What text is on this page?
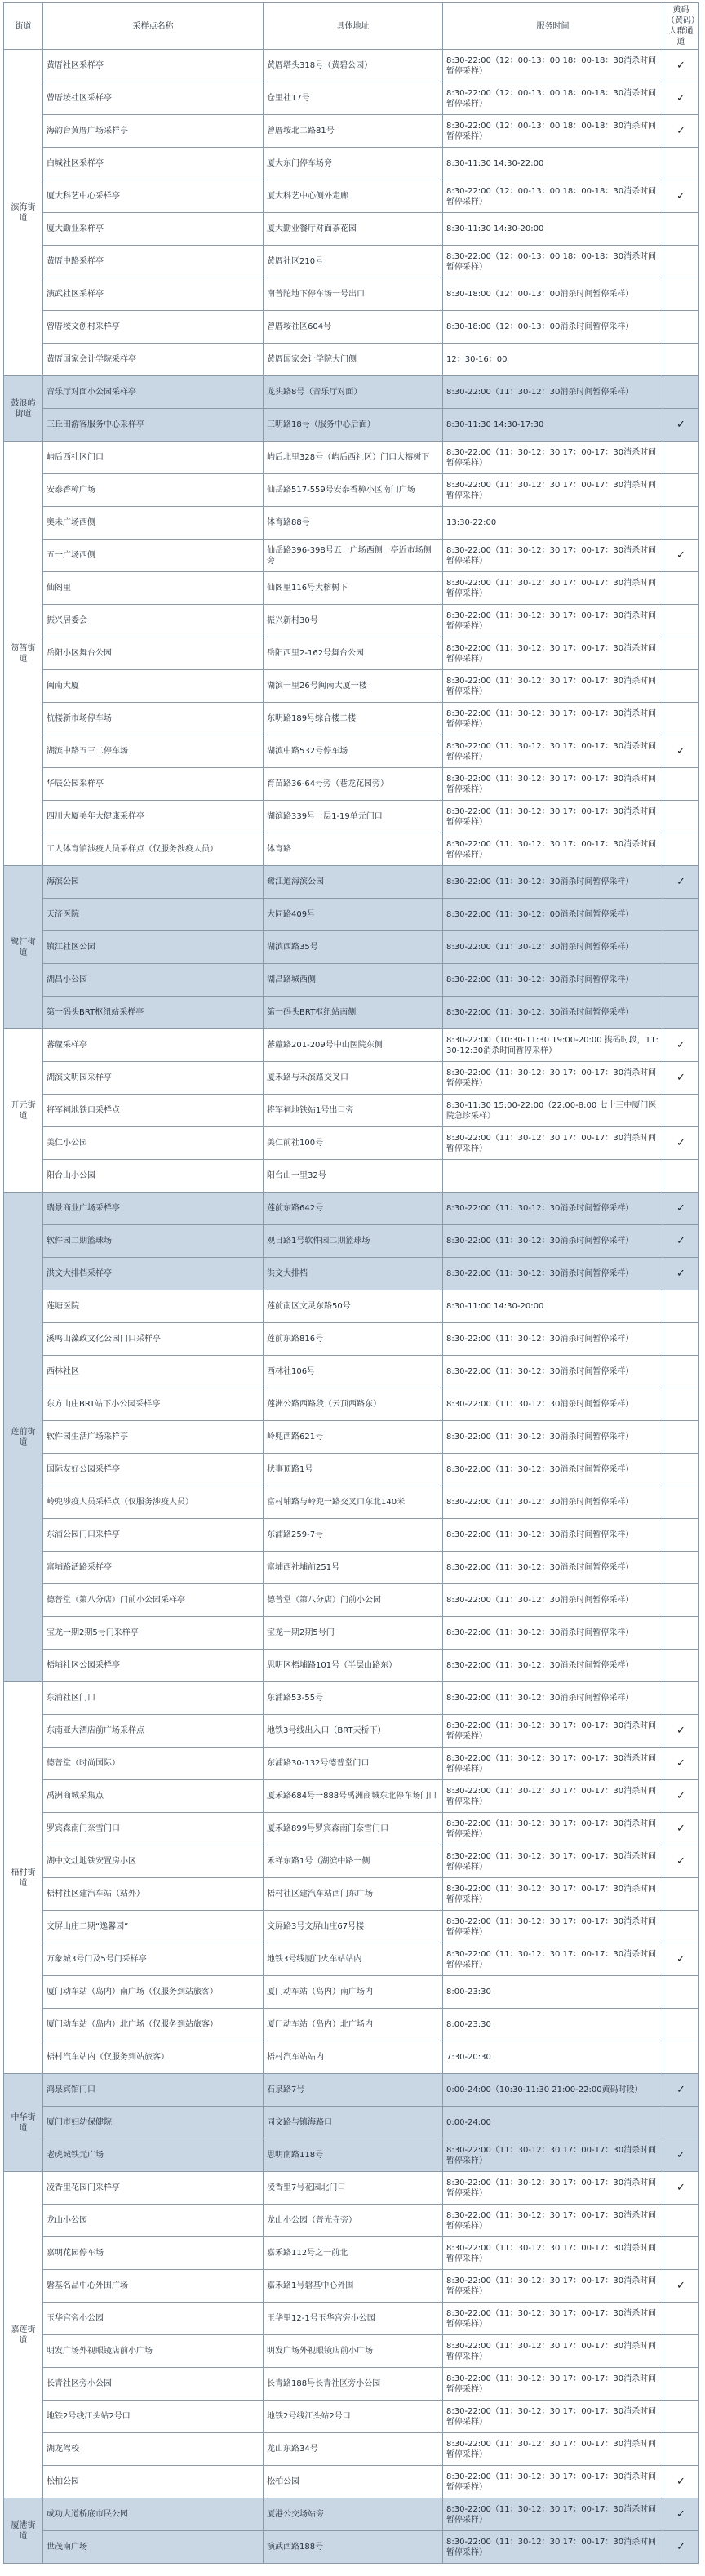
街道	采样点名称	具体地址	服务时间	黄码（黄码）人群通道
滨海街道	黄厝社区采样亭	黄厝塔头318号（黄碧公园）	8:30-22:00（12：00-13：00 18：00-18：30消杀时间暂停采样）	✓
	曾厝垵社区采样亭	仓里社17号	8:30-22:00（12：00-13：00 18：00-18：30消杀时间暂停采样）	✓
	海韵台黄厝广场采样亭	曾厝垵北二路81号	8:30-22:00（12：00-13：00 18：00-18：30消杀时间暂停采样）	✓
	白城社区采样亭	厦大东门停车场旁	8:30-11:30 14:30-22:00	
	厦大科艺中心采样亭	厦大科艺中心侧外走廊	8:30-22:00（12：00-13：00 18：00-18：30消杀时间暂停采样）	✓
	厦大勤业采样亭	厦大勤业餐厅对面茶花园	8:30-11:30 14:30-20:00	
	黄厝中路采样亭	黄厝社区210号	8:30-22:00（12：00-13：00 18：00-18：30消杀时间暂停采样）	
	演武社区采样亭	南普陀地下停车场一号出口	8:30-18:00（12：00-13：00消杀时间暂停采样）	
	曾厝垵文创村采样亭	曾厝垵社区604号	8:30-18:00（12：00-13：00消杀时间暂停采样）	
	黄厝国家会计学院采样亭	黄厝国家会计学院大门侧	12：30-16：00	
鼓浪屿街道	音乐厅对面小公园采样亭	龙头路8号（音乐厅对面）	8:30-22:00（11：30-12：30消杀时间暂停采样）	
	三丘田游客服务中心采样亭	三明路18号（服务中心后面）	8:30-11:30 14:30-17:30	✓
筼筜街道	屿后西社区门口	屿后北里328号（屿后西社区）门口大榕树下	8:30-22:00（11：30-12：30 17：00-17：30消杀时间暂停采样）	
	安泰香樟广场	仙岳路517-559号安泰香樟小区南门广场	8:30-22:00（11：30-12：30 17：00-17：30消杀时间暂停采样）	
	奥未广场西侧	体育路88号	13:30-22:00	
	五一广场西侧	仙岳路396-398号五一广场西侧一亭近市场侧旁	8:30-22:00（11：30-12：30 17：00-17：30消杀时间暂停采样）	✓
	仙阁里	仙阁里116号大榕树下	8:30-22:00（11：30-12：30 17：00-17：30消杀时间暂停采样）	
	振兴居委会	振兴新村30号	8:30-22:00（11：30-12：30 17：00-17：30消杀时间暂停采样）	
	岳阳小区舞台公园	岳阳西里2-162号舞台公园	8:30-22:00（11：30-12：30 17：00-17：30消杀时间暂停采样）	
	闽南大厦	湖滨一里26号闽南大厦一楼	8:30-22:00（11：30-12：30 17：00-17：30消杀时间暂停采样）	
	杭楼新市场停车场	东明路189号综合楼二楼	8:30-22:00（11：30-12：30 17：00-17：30消杀时间暂停采样）	
	湖滨中路五三二停车场	湖滨中路532号停车场	8:30-22:00（11：30-12：30 17：00-17：30消杀时间暂停采样）	✓
	华辰公园采样亭	育苗路36-64号旁（巷龙花园旁）	8:30-22:00（11：30-12：30 17：00-17：30消杀时间暂停采样）	
	四川大厦美年大健康采样亭	湖滨路339号一层1-19单元门口	8:30-22:00（11：30-12：30 17：00-17：30消杀时间暂停采样）	
	工人体育馆涉疫人员采样点（仅服务涉疫人员）	体育路	8:30-22:00（11：30-12：30 17：00-17：30消杀时间暂停采样）	
鹭江街道	海滨公园	鹭江道海滨公园	8:30-22:00（11：30-12：30消杀时间暂停采样）	✓
	天济医院	大同路409号	8:30-22:00（11：30-12：00消杀时间暂停采样）	
	镇江社区公园	湖滨西路35号	8:30-22:00（11：30-12：30消杀时间暂停采样）	
	湖昌小公园	湖昌路城西侧	8:30-22:00（11：30-12：30消杀时间暂停采样）	
	第一码头BRT枢纽站采样亭	第一码头BRT枢纽站南侧	8:30-22:00（11：30-12：30消杀时间暂停采样）	
开元街道	蕃釐采样亭	蕃釐路201-209号中山医院东侧	8:30-22:00（10:30-11:30 19:00-20:00 携码时段，11:30-12:30消杀时间暂停采样）	✓
	湖滨文明园采样亭	厦禾路与禾滨路交叉口	8:30-22:00（11：30-12：30 17：00-17：30消杀时间暂停采样）	✓
	将军祠地铁口采样点	将军祠地铁站1号出口旁	8:30-11:30 15:00-22:00（22:00-8:00 七十三中厦门医院急诊采样）	
	美仁小公园	美仁前社100号	8:30-22:00（11：30-12：30 17：00-17：30消杀时间暂停采样）	✓
	阳台山小公园	阳台山一里32号		
莲前街道	瑞景商业广场采样亭	莲前东路642号	8:30-22:00（11：30-12：30消杀时间暂停采样）	✓
	软件园二期篮球场	观日路1号软件园二期篮球场	8:30-22:00（11：30-12：30消杀时间暂停采样）	✓
	洪文大排档采样亭	洪文大排档	8:30-22:00（11：30-12：30消杀时间暂停采样）	✓
	莲塘医院	莲前南区文灵东路50号	8:30-11:00 14:30-20:00	
	溪鸣山藻政文化公园门口采样亭	莲前东路816号	8:30-22:00（11：30-12：30消杀时间暂停采样）	
	西林社区	西林社106号	8:30-22:00（11：30-12：30消杀时间暂停采样）	
	东方山庄BRT站下小公园采样亭	莲洲公路西路段（云顶西路东）	8:30-22:00（11：30-12：30消杀时间暂停采样）	
	软件园生活广场采样亭	岭兜西路621号	8:30-22:00（11：30-12：30消杀时间暂停采样）	
	国际友好公园采样亭	状事顶路1号	8:30-22:00（11：30-12：30消杀时间暂停采样）	
	岭兜涉疫人员采样点（仅服务涉疫人员）	富村埔路与岭兜一路交叉口东北140米	8:30-22:00（11：30-12：30消杀时间暂停采样）	
	东浦公园门口采样亭	东浦路259-7号	8:30-22:00（11：30-12：30消杀时间暂停采样）	
	富埔路活路采样亭	富埔西社埔前251号	8:30-22:00（11：30-12：30消杀时间暂停采样）	
	德普堂（第八分店）门前小公园采样亭	德普堂（第八分店）门前小公园	8:30-22:00（11：30-12：30消杀时间暂停采样）	
	宝龙一期2期5号门采样亭	宝龙一期2期5号门	8:30-22:00（11：30-12：30消杀时间暂停采样）	
	梧埔社区公园采样亭	思明区梧埔路101号（半层山路东）	8:30-22:00（11：30-12：30消杀时间暂停采样）	
梧村街道	东浦社区门口	东浦路53-55号	8:30-22:00（11：30-12：30消杀时间暂停采样）	
	东南亚大酒店前广场采样点	地铁3号线出入口（BRT天桥下）	8:30-22:00（11：30-12：30 17：00-17：30消杀时间暂停采样）	✓
	德普堂（时尚国际）	东浦路30-132号德普堂门口	8:30-22:00（11：30-12：30 17：00-17：30消杀时间暂停采样）	✓
	禹洲商城采集点	厦禾路684号一888号禹洲商城东北停车场门口	8:30-22:00（11：30-12：30 17：00-17：30消杀时间暂停采样）	✓
	罗宾森南门奈雪门口	厦禾路899号罗宾森南门奈雪门口	8:30-22:00（11：30-12：30 17：00-17：30消杀时间暂停采样）	✓
	湖中文灶地铁安置房小区	禾祥东路1号（湖滨中路一侧	8:30-22:00（11：30-12：30 17：00-17：30消杀时间暂停采样）	✓
	梧村社区建汽车站（站外）	梧村社区建汽车站西门东广场	8:30-22:00（11：30-12：30 17：00-17：30消杀时间暂停采样）	
	文屏山庄二期“逸馨园”	文屏路3号文屏山庄67号楼	8:30-22:00（11：30-12：30 17：00-17：30消杀时间暂停采样）	
	万象城3号门及5号门采样亭	地铁3号线厦门火车站站内	8:30-22:00（11：30-12：30 17：00-17：30消杀时间暂停采样）	✓
	厦门动车站（岛内）南广场（仅服务到站旅客）	厦门动车站（岛内）南广场内	8:00-23:30	
	厦门动车站（岛内）北广场（仅服务到站旅客）	厦门动车站（岛内）北广场内	8:00-23:30	
	梧村汽车站内（仅服务到站旅客）	梧村汽车站站内	7:30-20:30	
中华街道	鸿泉宾馆门口	石泉路7号	0:00-24:00（10:30-11:30 21:00-22:00黄码时段）	✓
	厦门市妇幼保健院	同文路与镇海路口	0:00-24:00	
	老虎城铁元广场	思明南路118号	8:30-22:00（11：30-12：30 17：00-17：30消杀时间暂停采样）	✓
嘉莲街道	凌香里花园门采样亭	凌香里7号花园北门口	8:30-22:00（11：30-12：30 17：00-17：30消杀时间暂停采样）	✓
	龙山小公园	龙山小公园（普光寺旁）	8:30-22:00（11：30-12：30 17：00-17：30消杀时间暂停采样）	
	嘉明花园停车场	嘉禾路112号之一前北	8:30-22:00（11：30-12：30 17：00-17：30消杀时间暂停采样）	
	磐基名品中心外围广场	嘉禾路1号磐基中心外围	8:30-22:00（11：30-12：30 17：00-17：30消杀时间暂停采样）	✓
	玉华宫旁小公园	玉华里12-1号玉华宫旁小公园	8:30-22:00（11：30-12：30 17：00-17：30消杀时间暂停采样）	
	明发广场外视眼镜店前小广场	明发广场外视眼镜店前小广场	8:30-22:00（11：30-12：30 17：00-17：30消杀时间暂停采样）	
	长青社区旁小公园	长青路188号长青社区旁小公园	8:30-22:00（11：30-12：30 17：00-17：30消杀时间暂停采样）	
	地铁2号线江头站2号口	地铁2号线江头站2号口	8:30-22:00（11：30-12：30 17：00-17：30消杀时间暂停采样）	
	湖龙驾校	龙山东路34号	8:30-22:00（11：30-12：30 17：00-17：30消杀时间暂停采样）	
	松柏公园	松柏公园	8:30-22:00（11：30-12：30 17：00-17：30消杀时间暂停采样）	✓
厦港街道	成功大道桥底市民公园	厦港公交场站旁	8:30-22:00（11：30-12：30 17：00-17：30消杀时间暂停采样）	✓
	世茂南广场	演武西路188号	8:30-22:00（11：30-12：30 17：00-17：30消杀时间暂停采样）	✓
